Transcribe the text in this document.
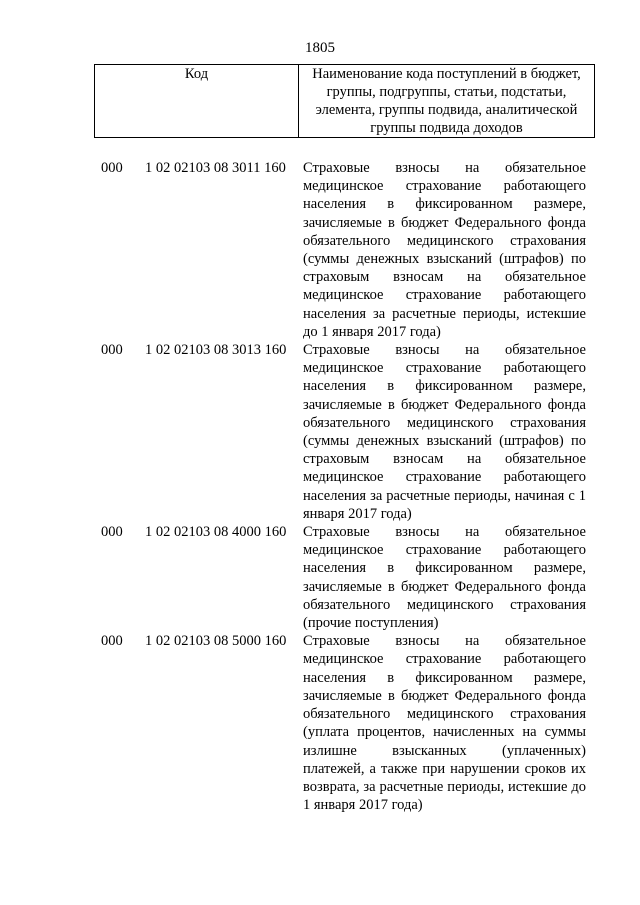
1805
Код	Наименование кода поступлений в бюджет, группы, подгруппы, статьи, подстатьи, элемента, группы подвида, аналитической группы подвида доходов
000 1 02 02103 08 3011 160 Страховые взносы на обязательное медицинское страхование работающего населения в фиксированном размере, зачисляемые в бюджет Федерального фонда обязательного медицинского страхования (суммы денежных взысканий (штрафов) по страховым взносам на обязательное медицинское страхование работающего населения за расчетные периоды, истекшие до 1 января 2017 года)
000 1 02 02103 08 3013 160 Страховые взносы на обязательное медицинское страхование работающего населения в фиксированном размере, зачисляемые в бюджет Федерального фонда обязательного медицинского страхования (суммы денежных взысканий (штрафов) по страховым взносам на обязательное медицинское страхование работающего населения за расчетные периоды, начиная с 1 января 2017 года)
000 1 02 02103 08 4000 160 Страховые взносы на обязательное медицинское страхование работающего населения в фиксированном размере, зачисляемые в бюджет Федерального фонда обязательного медицинского страхования (прочие поступления)
000 1 02 02103 08 5000 160 Страховые взносы на обязательное медицинское страхование работающего населения в фиксированном размере, зачисляемые в бюджет Федерального фонда обязательного медицинского страхования (уплата процентов, начисленных на суммы излишне взысканных (уплаченных) платежей, а также при нарушении сроков их возврата, за расчетные периоды, истекшие до 1 января 2017 года)
